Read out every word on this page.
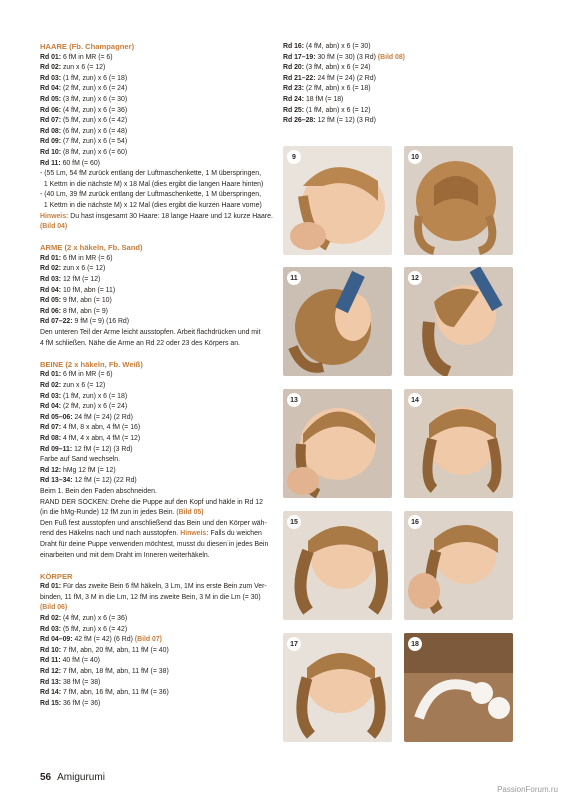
HAARE (Fb. Champagner)

Rd 01: 6 fM in MR (= 6)

Rd 02: zun x 6 (= 12)

Rd 03: (1 fM, zun) x 6 (= 18)

Rd 04: (2 fM, zun) x 6 (= 24)

Rd 05: (3 fM, zun) x 6 (= 30)

Rd 06: (4 fM, zun) x 6 (= 36)

Rd 07: (5 fM, zun) x 6 (= 42)

Rd 08: (6 fM, zun) x 6 (= 48)

Rd 09: (7 fM, zun) x 6 (= 54)

Rd 10: (8 fM, zun) x 6 (= 60)

Rd 11: 60 fM (= 60)

- (55 Lm, 54 fM zurück entlang der Luftmaschenkette, 1 M überspringen,

1 Kettm in die nächste M) x 18 Mal (dies ergibt die langen Haare hinten)

- (40 Lm, 39 fM zurück entlang der Luftmaschenkette, 1 M überspringen,

1 Kettm in die nächste M) x 12 Mal (dies ergibt die kurzen Haare vorne)

Hinweis: Du hast insgesamt 30 Haare: 18 lange Haare und 12 kurze Haare.

(Bild 04)

ARME (2 x häkeln, Fb. Sand)

Rd 01: 6 fM in MR (= 6)

Rd 02: zun x 6 (= 12)

Rd 03: 12 fM (= 12)

Rd 04: 10 fM, abn (= 11)

Rd 05: 9 fM, abn (= 10)

Rd 06: 8 fM, abn (= 9)

Rd 07–22: 9 fM (= 9) (16 Rd)

Den unteren Teil der Arme leicht ausstopfen. Arbeit flachdrücken und mit

4 fM schließen. Nähe die Arme an Rd 22 oder 23 des Körpers an.

BEINE (2 x häkeln, Fb. Weiß)

Rd 01: 6 fM in MR (= 6)

Rd 02: zun x 6 (= 12)

Rd 03: (1 fM, zun) x 6 (= 18)

Rd 04: (2 fM, zun) x 6 (= 24)

Rd 05–06: 24 fM (= 24) (2 Rd)

Rd 07: 4 fM, 8 x abn, 4 fM (= 16)

Rd 08: 4 fM, 4 x abn, 4 fM (= 12)

Rd 09–11: 12 fM (= 12) (3 Rd)

Farbe auf Sand wechseln.

Rd 12: hMg 12 fM (= 12)

Rd 13–34: 12 fM (= 12) (22 Rd)

Beim 1. Bein den Faden abschneiden.

RAND DER SOCKEN: Drehe die Puppe auf den Kopf und häkle in Rd 12

(in die hMg-Runde) 12 fM zun in jedes Bein. (Bild 05)

Den Fuß fest ausstopfen und anschließend das Bein und den Körper wäh-

rend des Häkelns nach und nach ausstopfen. Hinweis: Falls du weichen

Draht für deine Puppe verwenden möchtest, musst du diesen in jedes Bein

einarbeiten und mit dem Draht im Inneren weiterhäkeln.

KÖRPER

Rd 01: Für das zweite Bein 6 fM häkeln, 3 Lm, 1M ins erste Bein zum Ver-

binden, 11 fM, 3 M in die Lm, 12 fM ins zweite Bein, 3 M in die Lm (= 30)

(Bild 06)

Rd 02: (4 fM, zun) x 6 (= 36)

Rd 03: (5 fM, zun) x 6 (= 42)

Rd 04–09: 42 fM (= 42) (6 Rd) (Bild 07)

Rd 10: 7 fM, abn, 20 fM, abn, 11 fM (= 40)

Rd 11: 40 fM (= 40)

Rd 12: 7 fM, abn, 18 fM, abn, 11 fM (= 38)

Rd 13: 38 fM (= 38)

Rd 14: 7 fM, abn, 16 fM, abn, 11 fM (= 36)

Rd 15: 36 fM (= 36)

Rd 16: (4 fM, abn) x 6 (= 30)

Rd 17–19: 30 fM (= 30) (3 Rd) (Bild 08)

Rd 20: (3 fM, abn) x 6 (= 24)

Rd 21–22: 24 fM (= 24) (2 Rd)

Rd 23: (2 fM, abn) x 6 (= 18)

Rd 24: 18 fM (= 18)

Rd 25: (1 fM, abn) x 6 (= 12)

Rd 26–28: 12 fM (= 12) (3 Rd)

9	10
11	12
13	14
15	16
17	18
56 Amigurumi
PassionForum.ru
